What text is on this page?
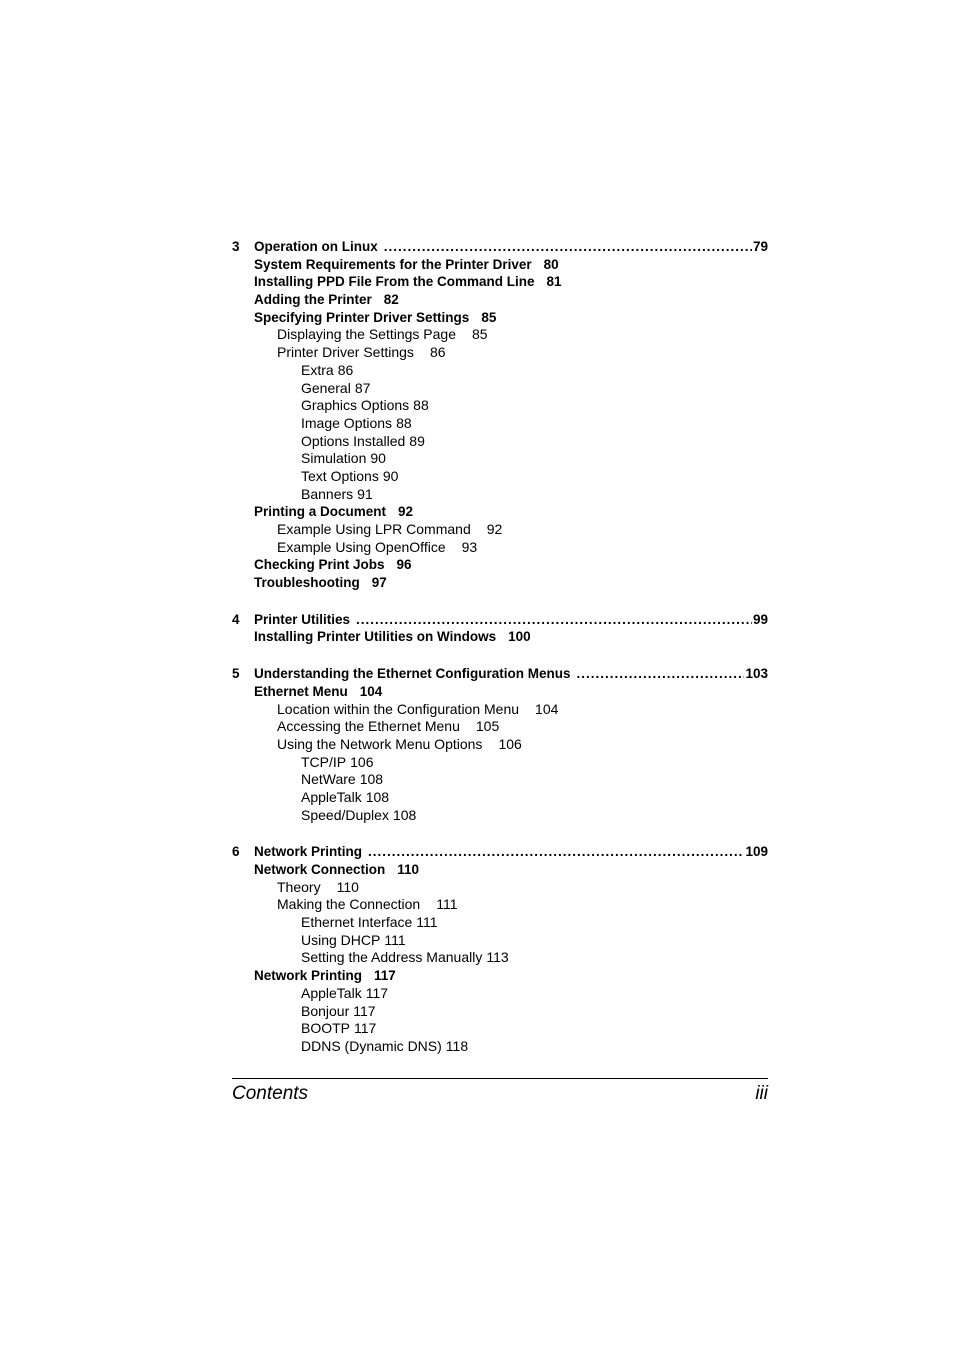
3	Operation on Linux .....	79
System Requirements for the Printer Driver 80
Installing PPD File From the Command Line 81
Adding the Printer 82
Specifying Printer Driver Settings 85
Displaying the Settings Page 85
Printer Driver Settings 86
Extra 86
General 87
Graphics Options 88
Image Options 88
Options Installed 89
Simulation 90
Text Options 90
Banners 91
Printing a Document 92
Example Using LPR Command 92
Example Using OpenOffice 93
Checking Print Jobs 96
Troubleshooting 97
4	Printer Utilities .....	99
Installing Printer Utilities on Windows 100
5	Understanding the Ethernet Configuration Menus .....	103
Ethernet Menu 104
Location within the Configuration Menu 104
Accessing the Ethernet Menu 105
Using the Network Menu Options 106
TCP/IP 106
NetWare 108
AppleTalk 108
Speed/Duplex 108
6	Network Printing .....	109
Network Connection 110
Theory 110
Making the Connection 111
Ethernet Interface 111
Using DHCP 111
Setting the Address Manually 113
Network Printing 117
AppleTalk 117
Bonjour 117
BOOTP 117
DDNS (Dynamic DNS) 118
Contents	iii
